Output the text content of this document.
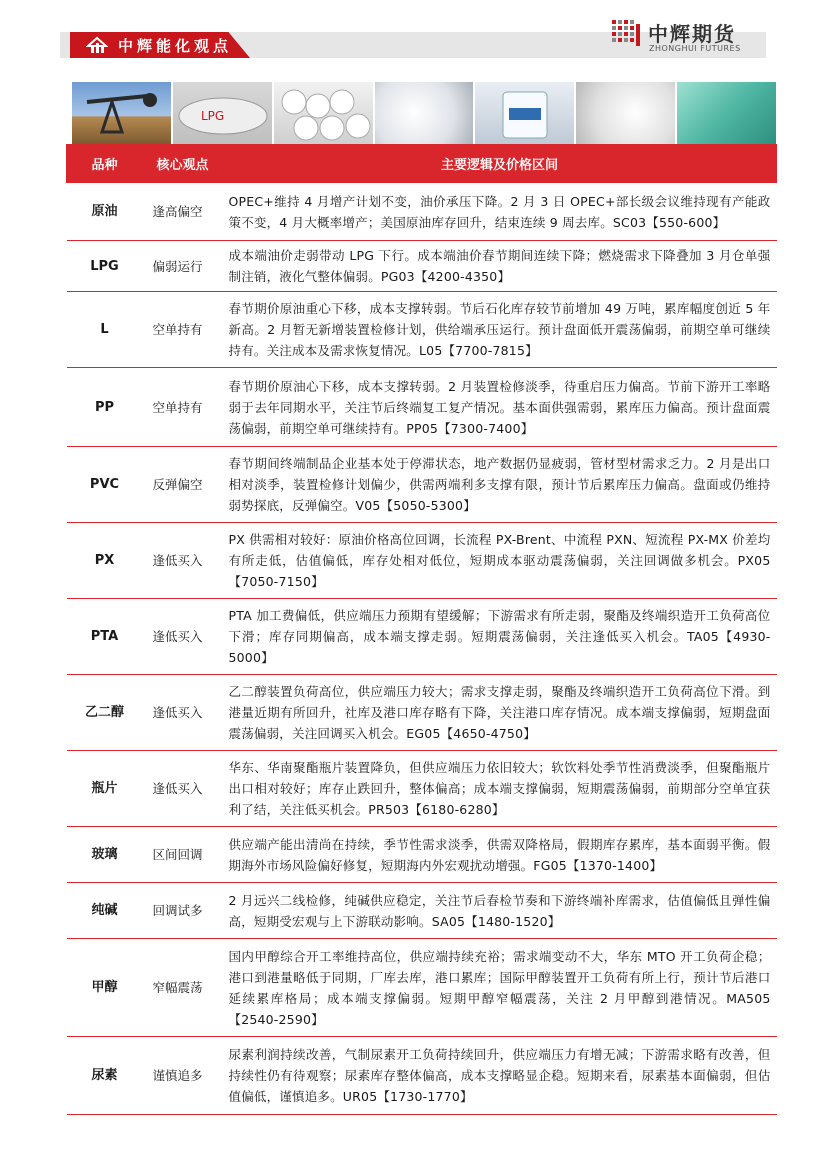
中辉能化观点	中辉期货
ZHONGHUI FUTURES
LPG
品种	核心观点	主要逻辑及价格区间
原油	逢高偏空	OPEC+维持 4 月增产计划不变，油价承压下降。2 月 3 日 OPEC+部长级会议维持现有产能政策不变，4 月大概率增产；美国原油库存回升，结束连续 9 周去库。SC03【550-600】
LPG	偏弱运行	成本端油价走弱带动 LPG 下行。成本端油价春节期间连续下降；燃烧需求下降叠加 3 月仓单强制注销，液化气整体偏弱。PG03【4200-4350】
L	空单持有	春节期价原油重心下移，成本支撑转弱。节后石化库存较节前增加 49 万吨，累库幅度创近 5 年新高。2 月暂无新增装置检修计划，供给端承压运行。预计盘面低开震荡偏弱，前期空单可继续持有。关注成本及需求恢复情况。L05【7700-7815】
PP	空单持有	春节期价原油心下移，成本支撑转弱。2 月装置检修淡季，待重启压力偏高。节前下游开工率略弱于去年同期水平，关注节后终端复工复产情况。基本面供强需弱，累库压力偏高。预计盘面震荡偏弱，前期空单可继续持有。PP05【7300-7400】
PVC	反弹偏空	春节期间终端制品企业基本处于停滞状态，地产数据仍显疲弱，管材型材需求乏力。2 月是出口相对淡季，装置检修计划偏少，供需两端利多支撑有限，预计节后累库压力偏高。盘面或仍维持弱势探底，反弹偏空。V05【5050-5300】
PX	逢低买入	PX 供需相对较好：原油价格高位回调，长流程 PX-Brent、中流程 PXN、短流程 PX-MX 价差均有所走低，估值偏低，库存处相对低位，短期成本驱动震荡偏弱，关注回调做多机会。PX05【7050-7150】
PTA	逢低买入	PTA 加工费偏低，供应端压力预期有望缓解；下游需求有所走弱，聚酯及终端织造开工负荷高位下滑；库存同期偏高，成本端支撑走弱。短期震荡偏弱，关注逢低买入机会。TA05【4930-5000】
乙二醇	逢低买入	乙二醇装置负荷高位，供应端压力较大；需求支撑走弱，聚酯及终端织造开工负荷高位下滑。到港量近期有所回升，社库及港口库存略有下降，关注港口库存情况。成本端支撑偏弱，短期盘面震荡偏弱，关注回调买入机会。EG05【4650-4750】
瓶片	逢低买入	华东、华南聚酯瓶片装置降负，但供应端压力依旧较大；软饮料处季节性消费淡季，但聚酯瓶片出口相对较好；库存止跌回升，整体偏高；成本端支撑偏弱，短期震荡偏弱，前期部分空单宜获利了结，关注低买机会。PR503【6180-6280】
玻璃	区间回调	供应端产能出清尚在持续，季节性需求淡季，供需双降格局，假期库存累库，基本面弱平衡。假期海外市场风险偏好修复，短期海内外宏观扰动增强。FG05【1370-1400】
纯碱	回调试多	2 月远兴二线检修，纯碱供应稳定，关注节后春检节奏和下游终端补库需求，估值偏低且弹性偏高，短期受宏观与上下游联动影响。SA05【1480-1520】
甲醇	窄幅震荡	国内甲醇综合开工率维持高位，供应端持续充裕；需求端变动不大，华东 MTO 开工负荷企稳；港口到港量略低于同期，厂库去库，港口累库；国际甲醇装置开工负荷有所上行，预计节后港口延续累库格局；成本端支撑偏弱。短期甲醇窄幅震荡，关注 2 月甲醇到港情况。MA505【2540-2590】
尿素	谨慎追多	尿素利润持续改善，气制尿素开工负荷持续回升，供应端压力有增无减；下游需求略有改善，但持续性仍有待观察；尿素库存整体偏高，成本支撑略显企稳。短期来看，尿素基本面偏弱，但估值偏低，谨慎追多。UR05【1730-1770】
